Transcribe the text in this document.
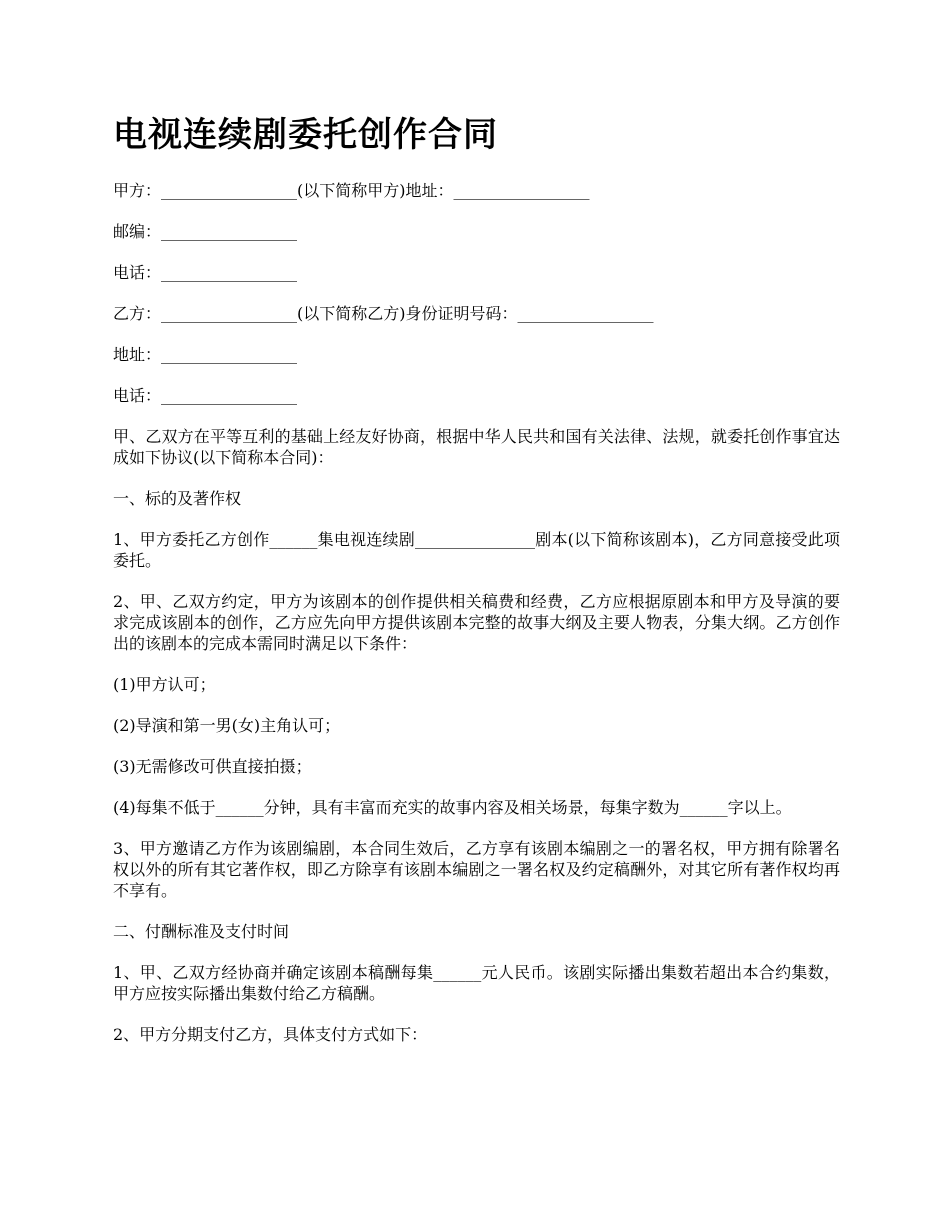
电视连续剧委托创作合同

甲方：_________________(以下简称甲方)地址：_________________

邮编：_________________

电话：_________________

乙方：_________________(以下简称乙方)身份证明号码：_________________

地址：_________________

电话：_________________

甲、乙双方在平等互利的基础上经友好协商，根据中华人民共和国有关法律、法规，就委托创作事宜达成如下协议(以下简称本合同)：

一、标的及著作权

1、甲方委托乙方创作______集电视连续剧_______________剧本(以下简称该剧本)，乙方同意接受此项委托。

2、甲、乙双方约定，甲方为该剧本的创作提供相关稿费和经费，乙方应根据原剧本和甲方及导演的要求完成该剧本的创作，乙方应先向甲方提供该剧本完整的故事大纲及主要人物表，分集大纲。乙方创作出的该剧本的完成本需同时满足以下条件：

(1)甲方认可；

(2)导演和第一男(女)主角认可；

(3)无需修改可供直接拍摄；

(4)每集不低于______分钟，具有丰富而充实的故事内容及相关场景，每集字数为______字以上。

3、甲方邀请乙方作为该剧编剧，本合同生效后，乙方享有该剧本编剧之一的署名权，甲方拥有除署名权以外的所有其它著作权，即乙方除享有该剧本编剧之一署名权及约定稿酬外，对其它所有著作权均再不享有。

二、付酬标准及支付时间

1、甲、乙双方经协商并确定该剧本稿酬每集______元人民币。该剧实际播出集数若超出本合约集数，甲方应按实际播出集数付给乙方稿酬。

2、甲方分期支付乙方，具体支付方式如下：
